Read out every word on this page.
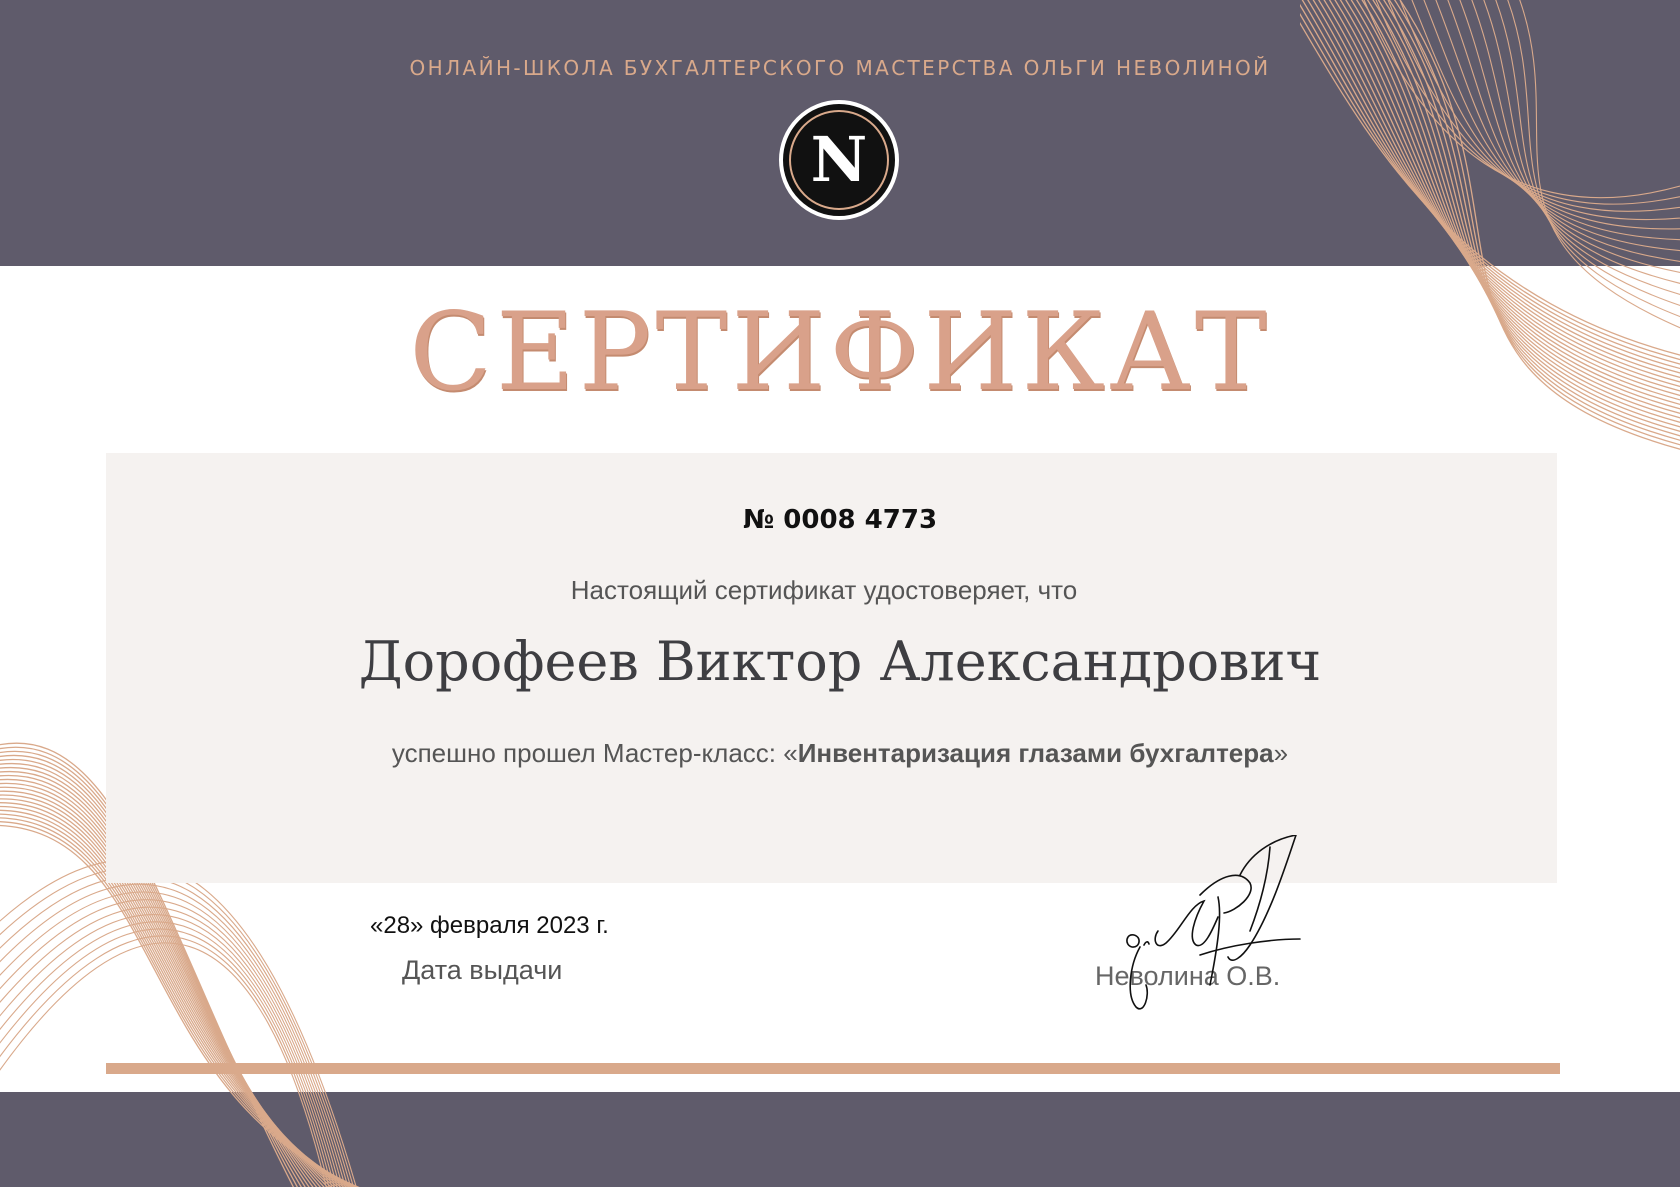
ОНЛАЙН-ШКОЛА БУХГАЛТЕРСКОГО МАСТЕРСТВА ОЛЬГИ НЕВОЛИНОЙ
N
СЕРТИФИКАТ
№ 0008 4773
Настоящий сертификат удостоверяет, что
Дорофеев Виктор Александрович
успешно прошел Мастер-класс: «Инвентаризация глазами бухгалтера»
«28» февраля 2023 г.
Дата выдачи	Неволина О.В.
